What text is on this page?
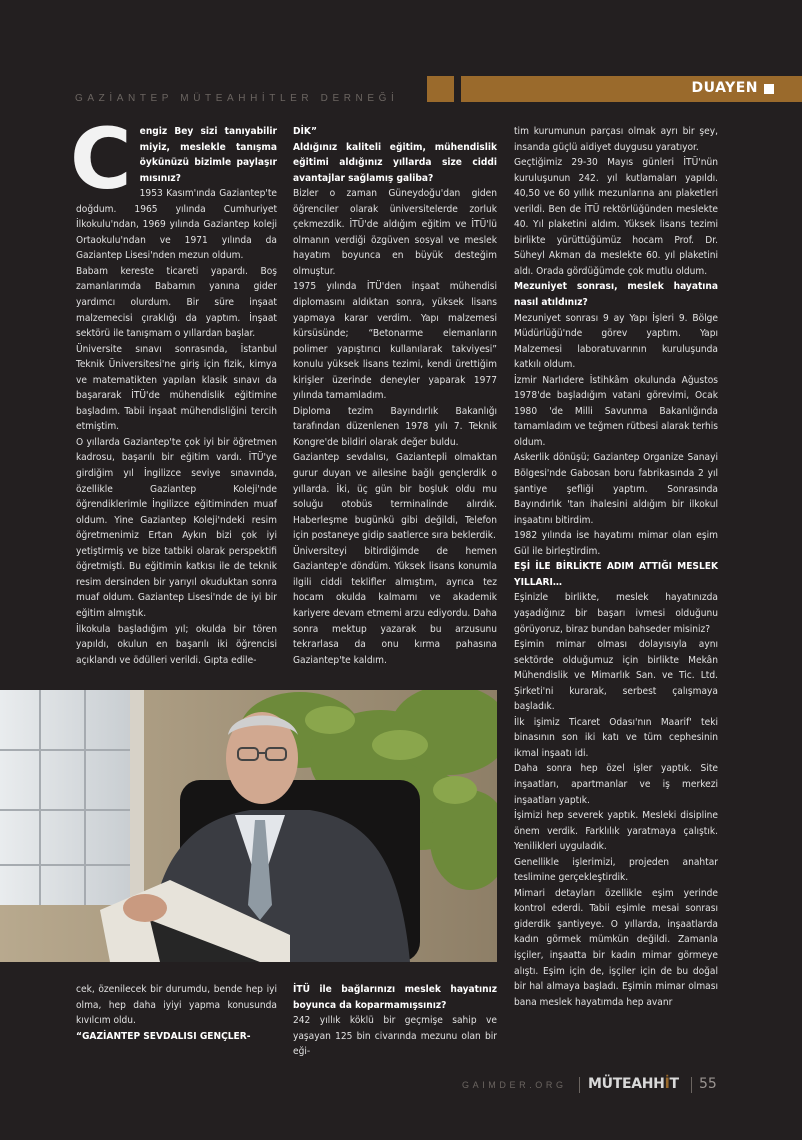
GAZİANTEP MÜTEAHHİTLER DERNEĞİ
DUAYEN
C engiz Bey sizi tanıyabilir miyiz, meslekle tanışma öykünüzü bizimle paylaşır mısınız?

1953 Kasım'ında Gaziantep'te doğdum. 1965 yılında Cumhuriyet İlkokulu'ndan, 1969 yılında Gaziantep koleji Ortaokulu'ndan ve 1971 yılında da Gaziantep Lisesi'nden mezun oldum.

Babam kereste ticareti yapardı. Boş zamanlarımda Babamın yanına gider yardımcı olurdum. Bir süre inşaat malzemecisi çıraklığı da yaptım. İnşaat sektörü ile tanışmam o yıllardan başlar.

Üniversite sınavı sonrasında, İstanbul Teknik Üniversitesi'ne giriş için fizik, kimya ve matematikten yapılan klasik sınavı da başararak İTÜ'de mühendislik eğitimine başladım. Tabii inşaat mühendisliğini tercih etmiştim.

O yıllarda Gaziantep'te çok iyi bir öğretmen kadrosu, başarılı bir eğitim vardı. İTÜ'ye girdiğim yıl İngilizce seviye sınavında, özellikle Gaziantep Koleji'nde öğrendiklerimle İngilizce eğitiminden muaf oldum. Yine Gaziantep Koleji'ndeki resim öğretmenimiz Ertan Aykın bizi çok iyi yetiştirmiş ve bize tatbiki olarak perspektifi öğretmişti. Bu eğitimin katkısı ile de teknik resim dersinden bir yarıyıl okuduktan sonra muaf oldum. Gaziantep Lisesi'nde de iyi bir eğitim almıştık.

İlkokula başladığım yıl; okulda bir tören yapıldı, okulun en başarılı iki öğrencisi açıklandı ve ödülleri verildi. Gıpta edile-

DİK”

Aldığınız kaliteli eğitim, mühendislik eğitimi aldığınız yıllarda size ciddi avantajlar sağlamış galiba?

Bizler o zaman Güneydoğu'dan giden öğrenciler olarak üniversitelerde zorluk çekmezdik. İTÜ'de aldığım eğitim ve İTÜ'lü olmanın verdiği özgüven sosyal ve meslek hayatım boyunca en büyük desteğim olmuştur.

1975 yılında İTÜ'den inşaat mühendisi diplomasını aldıktan sonra, yüksek lisans yapmaya karar verdim. Yapı malzemesi kürsüsünde; “Betonarme elemanların polimer yapıştırıcı kullanılarak takviyesi” konulu yüksek lisans tezimi, kendi ürettiğim kirişler üzerinde deneyler yaparak 1977 yılında tamamladım.

Diploma tezim Bayındırlık Bakanlığı tarafından düzenlenen 1978 yılı 7. Teknik Kongre'de bildiri olarak değer buldu.

Gaziantep sevdalısı, Gaziantepli olmaktan gurur duyan ve ailesine bağlı gençlerdik o yıllarda. İki, üç gün bir boşluk oldu mu soluğu otobüs terminalinde alırdık. Haberleşme bugünkü gibi değildi, Telefon için postaneye gidip saatlerce sıra beklerdik.

Üniversiteyi bitirdiğimde de hemen Gaziantep'e döndüm. Yüksek lisans konumla ilgili ciddi teklifler almıştım, ayrıca tez hocam okulda kalmamı ve akademik kariyere devam etmemi arzu ediyordu. Daha sonra mektup yazarak bu arzusunu tekrarlasa da onu kırma pahasına Gaziantep'te kaldım.

tim kurumunun parçası olmak ayrı bir şey, insanda güçlü aidiyet duygusu yaratıyor.

Geçtiğimiz 29-30 Mayıs günleri İTÜ'nün kuruluşunun 242. yıl kutlamaları yapıldı. 40,50 ve 60 yıllık mezunlarına anı plaketleri verildi. Ben de İTÜ rektörlüğünden meslekte 40. Yıl plaketini aldım. Yüksek lisans tezimi birlikte yürüttüğümüz hocam Prof. Dr. Süheyl Akman da meslekte 60. yıl plaketini aldı. Orada gördüğümde çok mutlu oldum.

Mezuniyet sonrası, meslek hayatına nasıl atıldınız?

Mezuniyet sonrası 9 ay Yapı İşleri 9. Bölge Müdürlüğü'nde görev yaptım. Yapı Malzemesi laboratuvarının kuruluşunda katkılı oldum.

İzmir Narlıdere İstihkâm okulunda Ağustos 1978'de başladığım vatani görevimi, Ocak 1980 'de Milli Savunma Bakanlığında tamamladım ve teğmen rütbesi alarak terhis oldum.

Askerlik dönüşü; Gaziantep Organize Sanayi Bölgesi'nde Gabosan boru fabrikasında 2 yıl şantiye şefliği yaptım. Sonrasında Bayındırlık 'tan ihalesini aldığım bir ilkokul inşaatını bitirdim.

1982 yılında ise hayatımı mimar olan eşim Gül ile birleştirdim.

EŞİ İLE BİRLİKTE ADIM ATTIĞI MESLEK YILLARI…

Eşinizle birlikte, meslek hayatınızda yaşadığınız bir başarı ivmesi olduğunu görüyoruz, biraz bundan bahseder misiniz?

Eşimin mimar olması dolayısıyla aynı sektörde olduğumuz için birlikte Mekân Mühendislik ve Mimarlık San. ve Tic. Ltd. Şirketi'ni kurarak, serbest çalışmaya başladık.

İlk işimiz Ticaret Odası'nın Maarif' teki binasının son iki katı ve tüm cephesinin ikmal inşaatı idi.

Daha sonra hep özel işler yaptık. Site inşaatları, apartmanlar ve iş merkezi inşaatları yaptık.

İşimizi hep severek yaptık. Mesleki disipline önem verdik. Farklılık yaratmaya çalıştık. Yenilikleri uyguladık.

Genellikle işlerimizi, projeden anahtar teslimine gerçekleştirdik.

Mimari detayları özellikle eşim yerinde kontrol ederdi. Tabii eşimle mesai sonrası giderdik şantiyeye. O yıllarda, inşaatlarda kadın görmek mümkün değildi. Zamanla işçiler, inşaatta bir kadın mimar görmeye alıştı. Eşim için de, işçiler için de bu doğal bir hal almaya başladı. Eşimin mimar olması bana meslek hayatımda hep avanr

cek, özenilecek bir durumdu, bende hep iyi olma, hep daha iyiyi yapma konusunda kıvılcım oldu.

“GAZİANTEP SEVDALISI GENÇLER-

İTÜ ile bağlarınızı meslek hayatınız boyunca da koparmamışsınız?

242 yıllık köklü bir geçmişe sahip ve yaşayan 125 bin civarında mezunu olan bir eği-

GAIMDER.ORG MÜTEAHHİT 55
